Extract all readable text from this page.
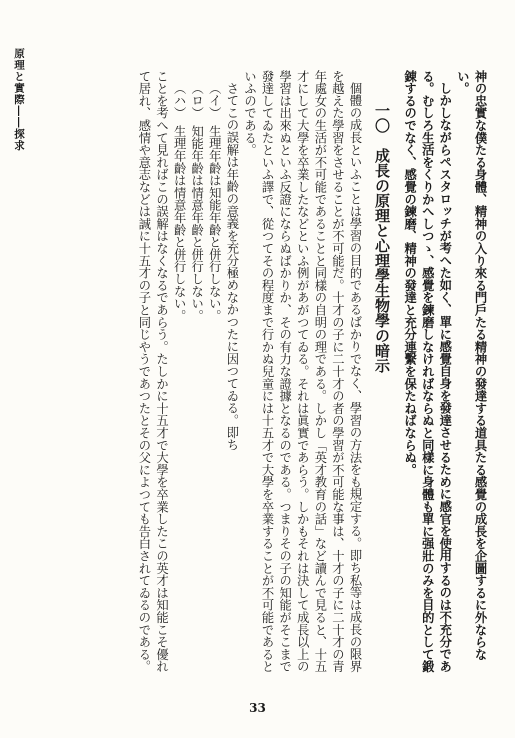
原理と實際――探求	神の忠實な僕たる身體、精神の入り來る門戶たる精神の發達する道具たる感覺の成長を企圖するに外ならない。

しかしながらペスタロッチが考へた如く、單に感覺自身を發達させるために感官を使用するのは不充分である。むしろ生活をくりかへしつゝ、感覺を鍊磨しなければならぬと同樣に身體も單に强壯のみを目的として鍛錬するのでなく、感覺の鍊磨、精神の發達と充分連繫を保たねばならぬ。

一〇　成長の原理と心理學生物學の暗示

個體の成長といふことは學習の目的であるばかりでなく、學習の方法をも規定する。即ち私等は成長の限界を越えた學習をさせることが不可能だ。十才の子に二十才の者の學習が不可能な事は、十才の子に二十才の青年處女の生活が不可能であることと同樣の自明の理である。しかし「英才教育の話」など讀んで見ると、十五才にして大學を卒業したなどといふ例があがつてゐる。それは眞實であらう。しかもそれは決して成長以上の學習は出來ぬといふ反證にならぬばかりか、その有力な證據となるのである。つまりその子の知能がそこまで發達してゐたといふ譯で、從つてその程度まで行かぬ兒童には十五才で大學を卒業することが不可能であるといふのである。

さてこの誤解は年齡の意義を充分極めなかつたに因つてゐる。即ち

（イ）　生理年齡は知能年齡と併行しない。

（ロ）　知能年齡は情意年齡と併行しない。

（ハ）　生理年齡は情意年齡と併行しない。

ことを考へて見ればこの誤解はなくなるであらう。たしかに十五才で大學を卒業したこの英才は知能こそ優れて居れ、感情や意志などは誠に十五才の子と同じやうであつたとその父によつても告白されてゐるのである。

33
